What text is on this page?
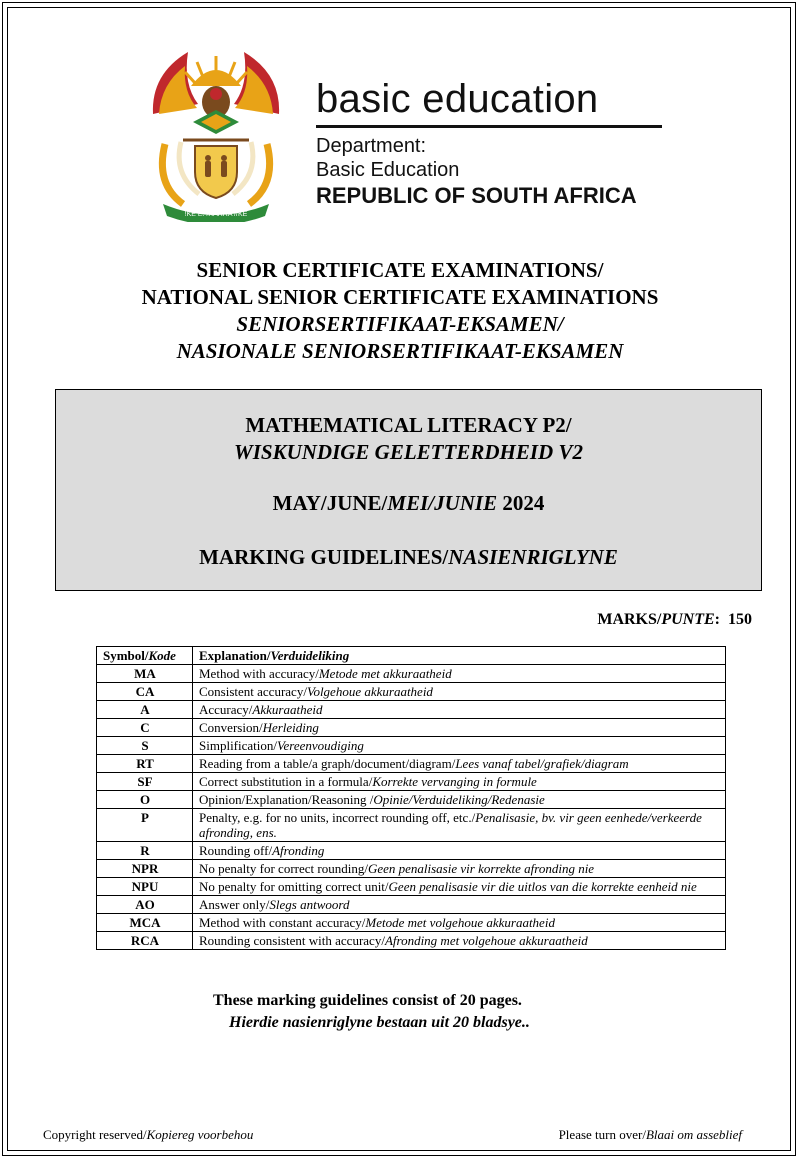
!KE E: /XARRA //KE
basic education
Department:
Basic Education
REPUBLIC OF SOUTH AFRICA
SENIOR CERTIFICATE EXAMINATIONS/
NATIONAL SENIOR CERTIFICATE EXAMINATIONS
SENIORSERTIFIKAAT-EKSAMEN/
NASIONALE SENIORSERTIFIKAAT-EKSAMEN
MATHEMATICAL LITERACY P2/
WISKUNDIGE GELETTERDHEID V2
MAY/JUNE/MEI/JUNIE 2024
MARKING GUIDELINES/NASIENRIGLYNE
MARKS/PUNTE:  150
Symbol/Kode	Explanation/Verduideliking
MA	Method with accuracy/Metode met akkuraatheid
CA	Consistent accuracy/Volgehoue akkuraatheid
A	Accuracy/Akkuraatheid
C	Conversion/Herleiding
S	Simplification/Vereenvoudiging
RT	Reading from a table/a graph/document/diagram/Lees vanaf tabel/grafiek/diagram
SF	Correct substitution in a formula/Korrekte vervanging in formule
O	Opinion/Explanation/Reasoning /Opinie/Verduideliking/Redenasie
P	Penalty, e.g. for no units, incorrect rounding off, etc./Penalisasie, bv. vir geen eenhede/verkeerde afronding, ens.
R	Rounding off/Afronding
NPR	No penalty for correct rounding/Geen penalisasie vir korrekte afronding nie
NPU	No penalty for omitting correct unit/Geen penalisasie vir die uitlos van die korrekte eenheid nie
AO	Answer only/Slegs antwoord
MCA	Method with constant accuracy/Metode met volgehoue akkuraatheid
RCA	Rounding consistent with accuracy/Afronding met volgehoue akkuraatheid
These marking guidelines consist of 20 pages.
Hierdie nasienriglyne bestaan uit 20 bladsye..
Copyright reserved/Kopiereg voorbehou	Please turn over/Blaai om asseblief
